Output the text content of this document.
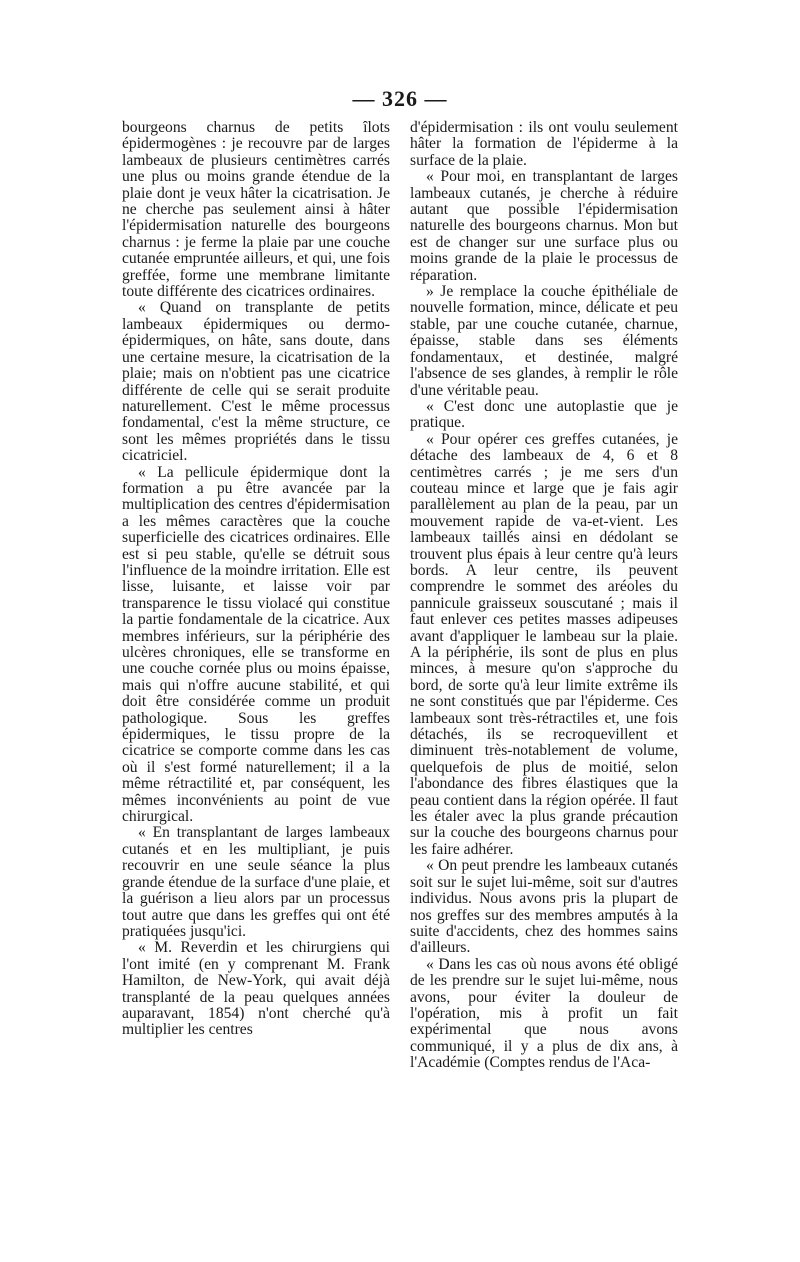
— 326 —

bourgeons charnus de petits îlots épidermogènes : je recouvre par de larges lambeaux de plusieurs centimètres carrés une plus ou moins grande étendue de la plaie dont je veux hâter la cicatrisation. Je ne cherche pas seulement ainsi à hâter l'épidermisation naturelle des bourgeons charnus : je ferme la plaie par une couche cutanée empruntée ailleurs, et qui, une fois greffée, forme une membrane limitante toute différente des cicatrices ordinaires.

« Quand on transplante de petits lambeaux épidermiques ou dermo-épidermiques, on hâte, sans doute, dans une certaine mesure, la cicatrisation de la plaie; mais on n'obtient pas une cicatrice différente de celle qui se serait produite naturellement. C'est le même processus fondamental, c'est la même structure, ce sont les mêmes propriétés dans le tissu cicatriciel.

« La pellicule épidermique dont la formation a pu être avancée par la multiplication des centres d'épidermisation a les mêmes caractères que la couche superficielle des cicatrices ordinaires. Elle est si peu stable, qu'elle se détruit sous l'influence de la moindre irritation. Elle est lisse, luisante, et laisse voir par transparence le tissu violacé qui constitue la partie fondamentale de la cicatrice. Aux membres inférieurs, sur la périphérie des ulcères chroniques, elle se transforme en une couche cornée plus ou moins épaisse, mais qui n'offre aucune stabilité, et qui doit être considérée comme un produit pathologique. Sous les greffes épidermiques, le tissu propre de la cicatrice se comporte comme dans les cas où il s'est formé naturellement; il a la même rétractilité et, par conséquent, les mêmes inconvénients au point de vue chirurgical.

« En transplantant de larges lambeaux cutanés et en les multipliant, je puis recouvrir en une seule séance la plus grande étendue de la surface d'une plaie, et la guérison a lieu alors par un processus tout autre que dans les greffes qui ont été pratiquées jusqu'ici.

« M. Reverdin et les chirurgiens qui l'ont imité (en y comprenant M. Frank Hamilton, de New-York, qui avait déjà transplanté de la peau quelques années auparavant, 1854) n'ont cherché qu'à multiplier les centres

d'épidermisation : ils ont voulu seulement hâter la formation de l'épiderme à la surface de la plaie.

« Pour moi, en transplantant de larges lambeaux cutanés, je cherche à réduire autant que possible l'épidermisation naturelle des bourgeons charnus. Mon but est de changer sur une surface plus ou moins grande de la plaie le processus de réparation.

» Je remplace la couche épithéliale de nouvelle formation, mince, délicate et peu stable, par une couche cutanée, charnue, épaisse, stable dans ses éléments fondamentaux, et destinée, malgré l'absence de ses glandes, à remplir le rôle d'une véritable peau.

« C'est donc une autoplastie que je pratique.

« Pour opérer ces greffes cutanées, je détache des lambeaux de 4, 6 et 8 centimètres carrés ; je me sers d'un couteau mince et large que je fais agir parallèlement au plan de la peau, par un mouvement rapide de va-et-vient. Les lambeaux taillés ainsi en dédolant se trouvent plus épais à leur centre qu'à leurs bords. A leur centre, ils peuvent comprendre le sommet des aréoles du pannicule graisseux souscutané ; mais il faut enlever ces petites masses adipeuses avant d'appliquer le lambeau sur la plaie. A la périphérie, ils sont de plus en plus minces, à mesure qu'on s'approche du bord, de sorte qu'à leur limite extrême ils ne sont constitués que par l'épiderme. Ces lambeaux sont très-rétractiles et, une fois détachés, ils se recroquevillent et diminuent très-notablement de volume, quelquefois de plus de moitié, selon l'abondance des fibres élastiques que la peau contient dans la région opérée. Il faut les étaler avec la plus grande précaution sur la couche des bourgeons charnus pour les faire adhérer.

« On peut prendre les lambeaux cutanés soit sur le sujet lui-même, soit sur d'autres individus. Nous avons pris la plupart de nos greffes sur des membres amputés à la suite d'accidents, chez des hommes sains d'ailleurs.

« Dans les cas où nous avons été obligé de les prendre sur le sujet lui-même, nous avons, pour éviter la douleur de l'opération, mis à profit un fait expérimental que nous avons communiqué, il y a plus de dix ans, à l'Académie (Comptes rendus de l'Aca-
